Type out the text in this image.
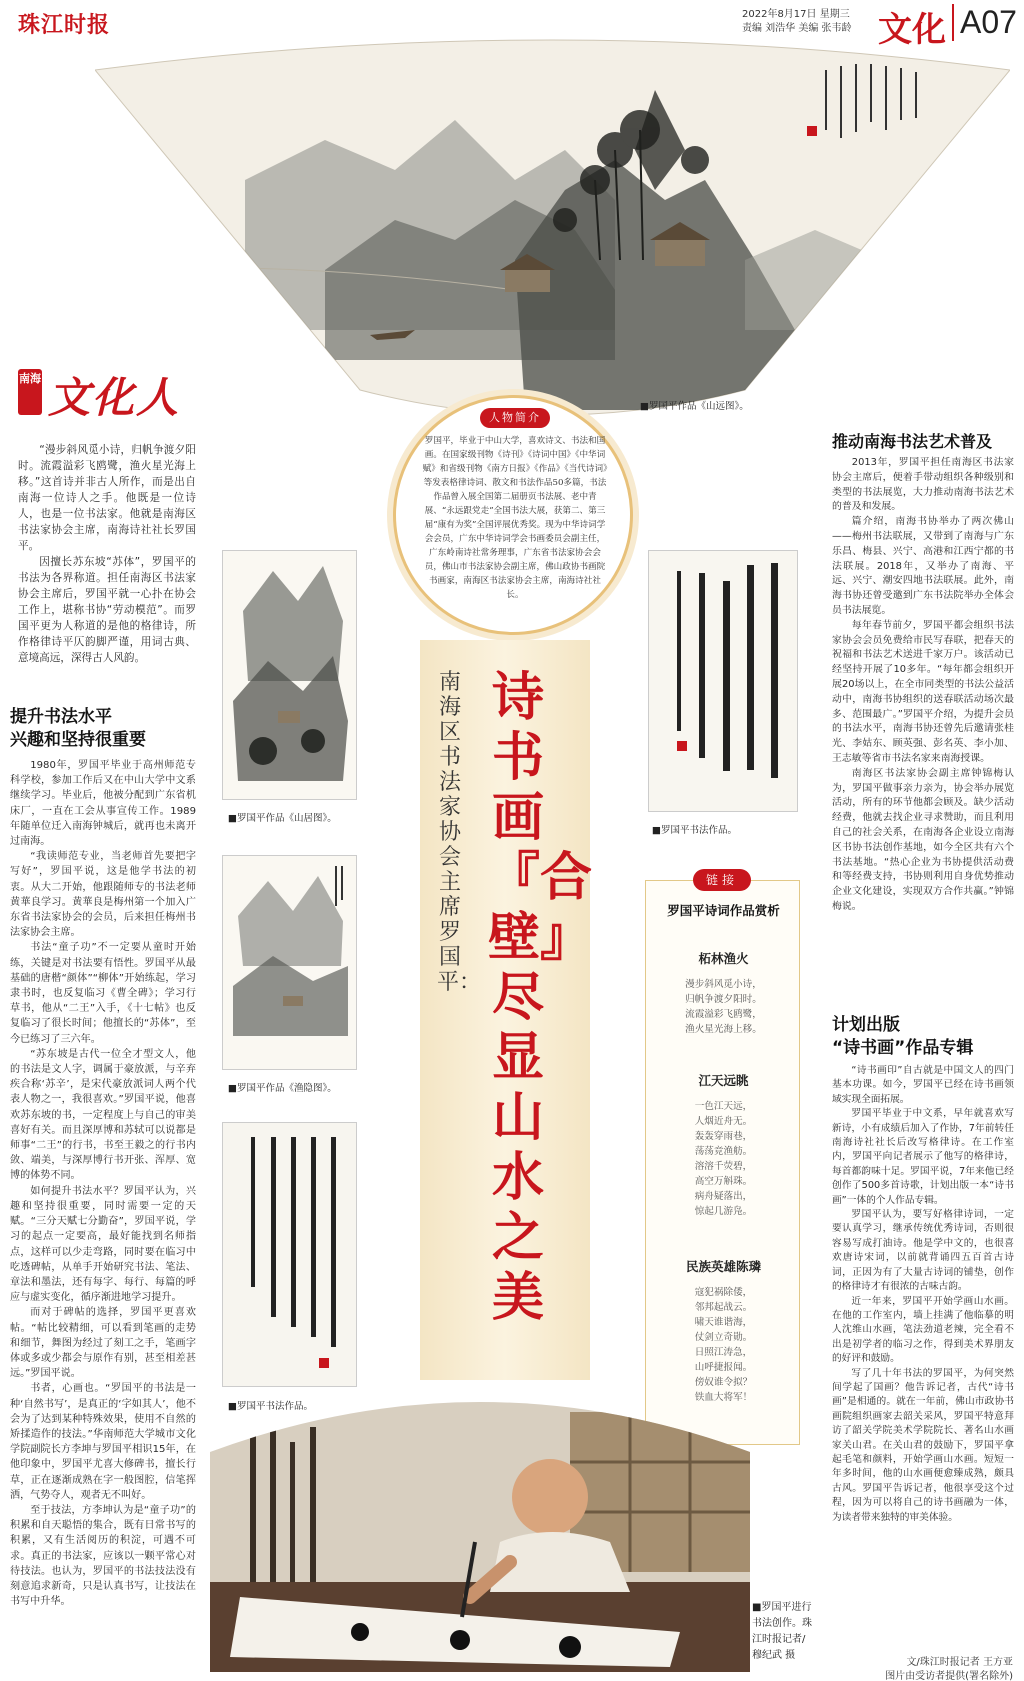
珠江时报	2022年8月17日 星期三
责编 刘浩华 美编 张韦龄 文化 A07
■罗国平作品《山远图》。
南海 文化人

“漫步斜风觅小诗，归帆争渡夕阳时。流霞溢彩飞鸥鹭，渔火星光海上移。”这首诗并非古人所作，而是出自南海一位诗人之手。他既是一位诗人，也是一位书法家。他就是南海区书法家协会主席，南海诗社社长罗国平。

因擅长苏东坡“苏体”，罗国平的书法为各界称道。担任南海区书法家协会主席后，罗国平就一心扑在协会工作上，堪称书协“劳动模范”。而罗国平更为人称道的是他的格律诗，所作格律诗平仄韵脚严谨，用词古典、意境高远，深得古人风韵。

提升书法水平
兴趣和坚持很重要

1980年，罗国平毕业于高州师范专科学校，参加工作后又在中山大学中文系继续学习。毕业后，他被分配到广东省机床厂，一直在工会从事宣传工作。1989年随单位迁入南海钟城后，就再也未离开过南海。

“我读师范专业，当老师首先要把字写好”，罗国平说，这是他学书法的初衷。从大二开始，他跟随师专的书法老师黄華良学习。黄華良是梅州第一个加入广东省书法家协会的会员，后来担任梅州书法家协会主席。

书法“童子功”不一定要从童时开始练，关键是对书法要有悟性。罗国平从最基础的唐楷“颜体”“柳体”开始练起，学习隶书时，也反复临习《曹全碑》；学习行草书，他从“二王”入手，《十七帖》也反复临习了很长时间；他擅长的“苏体”，至今已练习了三六年。

“苏东坡是古代一位全才型文人，他的书法是文人字，调属于豪放派，与辛弃疾合称‘苏辛’，是宋代豪放派词人两个代表人物之一，我很喜欢。”罗国平说，他喜欢苏东坡的书，一定程度上与自己的审美喜好有关。而且深厚博和苏轼可以说都是师事“二王”的行书，书至王毅之的行书内敛、端美，与深厚博行书开张、浑厚、宽博的体势不同。

如何提升书法水平？罗国平认为，兴趣和坚持很重要，同时需要一定的天赋。“三分天赋七分勤奋”，罗国平说，学习的起点一定要高，最好能找到名师指点，这样可以少走弯路，同时要在临习中吃透碑帖，从单手开始研究书法、笔法、章法和墨法，还有每字、每行、每篇的呼应与虚实变化，循序渐进地学习提升。

而对于碑帖的选择，罗国平更喜欢帖。“帖比较精细，可以看到笔画的走势和细节，舞图为经过了刻工之手，笔画字体或多或少都会与原作有别，甚至相差甚远。”罗国平说。

书者，心画也。“罗国平的书法是一种‘自然书写’，是真正的‘字如其人’，他不会为了达到某种特殊效果，使用不自然的矫揉造作的技法。”华南师范大学城市文化学院副院长方李坤与罗国平相识15年，在他印象中，罗国平尤喜大修碑书，擅长行草，正在逐渐成熟在字一般图腔，信笔挥洒，气势夺人，观者无不叫好。

至于技法，方李坤认为是“童子功”的积累和自天聪悟的集合，既有日常书写的积累，又有生活阅历的积淀，可遇不可求。真正的书法家，应该以一颗平常心对待技法。也认为，罗国平的书法技法没有刻意追求新奇，只是认真书写，让技法在书写中升华。

■罗国平作品《山居图》。
■罗国平作品《渔隐图》。
■罗国平书法作品。
人物简介
罗国平，毕业于中山大学，喜欢诗文、书法和国画。在国家级刊物《诗刊》《诗词中国》《中华词赋》和省级刊物《南方日报》《作品》《当代诗词》等发表格律诗词、散文和书法作品50多篇，书法作品曾入展全国第二届册页书法展、老中青展、“永远跟党走”全国书法大展，获第二、第三届“康有为奖”全国评展优秀奖。现为中华诗词学会会员，广东中华诗词学会书画委员会副主任，广东岭南诗社常务理事，广东省书法家协会会员，佛山市书法家协会副主席，佛山政协书画院书画家，南海区书法家协会主席，南海诗社社长。
诗书画『合壁』尽显山水之美
南海区书法家协会主席罗国平：
■罗国平书法作品。
链接
罗国平诗词作品赏析
柘林渔火
漫步斜风觅小诗，
归帆争渡夕阳时。
流霞溢彩飞鸥鹭，
渔火星光海上移。
江天远眺
一色江天远，
人烟近舟无。
轰轰穿雨巷，
荡荡竞渔舫。
溶溶千荧碧，
高空万斛珠。
病舟疑落出，
惊起几游凫。
民族英雄陈璘
寇犯祸除倭，
邻邦起战云。
啸天谁谐海，
仗剑立奇勋。
日照江涛急，
山呼捷报闻。
傍奴谁令拟？
铁血大将军！
推动南海书法艺术普及

2013年，罗国平担任南海区书法家协会主席后，便着手带动组织各种级别和类型的书法展览，大力推动南海书法艺术的普及和发展。

篇介绍，南海书协举办了两次佛山——梅州书法联展，又带到了南海与广东乐昌、梅县、兴宁、高港和江西宁都的书法联展。2018年，又举办了南海、平远、兴宁、潮安四地书法联展。此外，南海书协还曾受邀到广东书法院举办全体会员书法展览。

每年春节前夕，罗国平都会组织书法家协会会员免费给市民写春联，把春天的祝福和书法艺术送进千家万户。该活动已经坚持开展了10多年。“每年都会组织开展20场以上，在全市同类型的书法公益活动中，南海书协组织的送春联活动场次最多、范围最广。”罗国平介绍，为提升会员的书法水平，南海书协还曾先后邀请张桂光、李姑东、顾英强、彭名英、李小加、王志敏等省市书法名家来南海授课。

南海区书法家协会副主席钟锦梅认为，罗国平做事亲力亲为，协会举办展览活动，所有的环节他都会顾及。缺少活动经费，他就去找企业寻求赞助，而且利用自己的社会关系，在南海各企业设立南海区书协书法创作基地，如今全区共有六个书法基地。“热心企业为书协提供活动费和等经费支持，书协则利用自身优势推动企业文化建设，实现双方合作共赢。”钟锦梅说。

计划出版
“诗书画”作品专辑

“诗书画印”自古就是中国文人的四门基本功课。如今，罗国平已经在诗书画领域实现全面拓展。

罗国平毕业于中文系，早年就喜欢写新诗，小有成绩后加入了作协，7年前转任南海诗社社长后改写格律诗。在工作室内，罗国平向记者展示了他写的格律诗，每首都韵味十足。罗国平说，7年来他已经创作了500多首诗歌，计划出版一本“诗书画”一体的个人作品专辑。

罗国平认为，要写好格律诗词，一定要认真学习，继承传统优秀诗词，否则很容易写成打油诗。他是学中文的，也很喜欢唐诗宋词，以前就背诵四五百首古诗词，正因为有了大量古诗词的铺垫，创作的格律诗才有很浓的古味古韵。

近一年来，罗国平开始学画山水画。在他的工作室内，墙上挂满了他临摹的明人沈维山水画，笔法劲道老辣，完全看不出是初学者的临习之作，得到美术界朋友的好评和鼓励。

写了几十年书法的罗国平，为何突然间学起了国画？他告诉记者，古代“诗书画”是相通的。就在一年前，佛山市政协书画院组织画家去韶关采风，罗国平特意拜访了韶关学院美术学院院长、著名山水画家关山君。在关山君的鼓励下，罗国平拿起毛笔和颜料，开始学画山水画。短短一年多时间，他的山水画便愈臻成熟，颇具古风。罗国平告诉记者，他很享受这个过程，因为可以将自己的诗书画融为一体，为读者带来独特的审美体验。

■罗国平进行书法创作。珠江时报记者/穆纪武 摄
文/珠江时报记者 王方亚
图片由受访者提供(署名除外)
